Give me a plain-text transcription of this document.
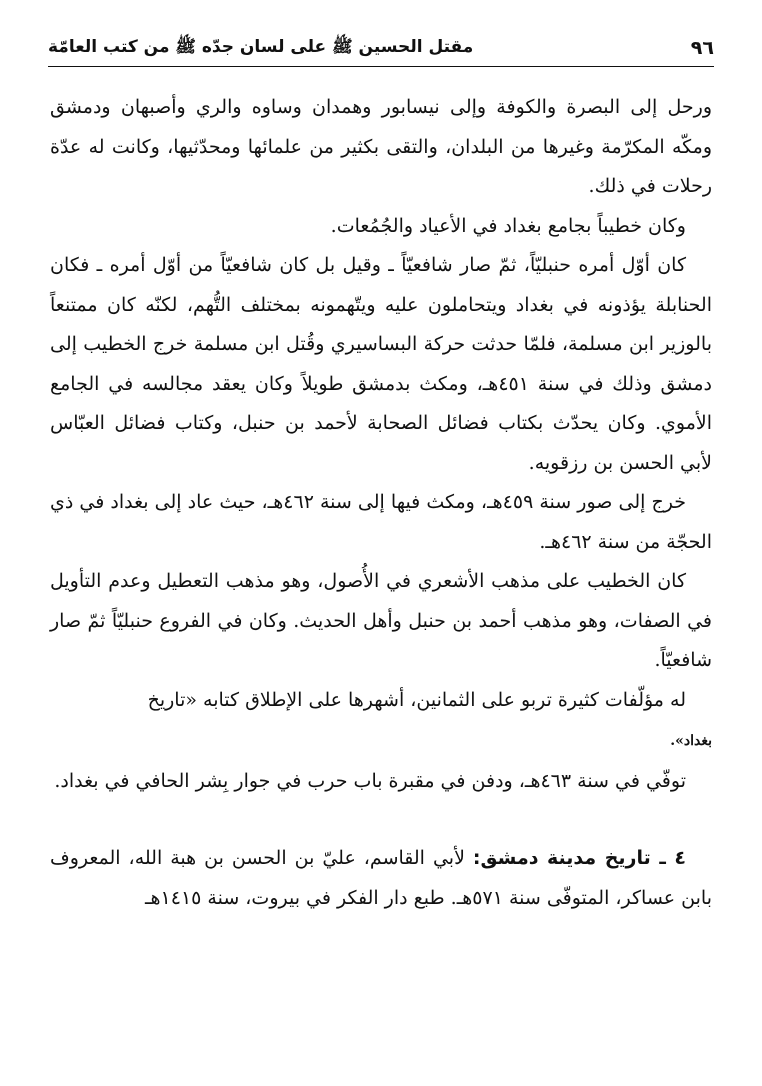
٩٦
مقتل الحسين ﷺ على لسان جدّه ﷺ من كتب العامّة

ورحل إلى البصرة والكوفة وإلى نيسابور وهمدان وساوه والري وأصبهان ودمشق ومكّه المكرّمة وغيرها من البلدان، والتقى بكثير من علمائها ومحدّثيها، وكانت له عدّة رحلات في ذلك.

وكان خطيباً بجامع بغداد في الأعياد والجُمُعات.

كان أوّل أمره حنبليّاً، ثمّ صار شافعيّاً ـ وقيل بل كان شافعيّاً من أوّل أمره ـ فكان الحنابلة يؤذونه في بغداد ويتحاملون عليه ويتّهمونه بمختلف التُّهم، لكنّه كان ممتنعاً بالوزير ابن مسلمة، فلمّا حدثت حركة البساسيري وقُتل ابن مسلمة خرج الخطيب إلى دمشق وذلك في سنة ٤٥١هـ، ومكث بدمشق طويلاً وكان يعقد مجالسه في الجامع الأموي. وكان يحدّث بكتاب فضائل الصحابة لأحمد بن حنبل، وكتاب فضائل العبّاس لأبي الحسن بن رزقويه.

خرج إلى صور سنة ٤٥٩هـ، ومكث فيها إلى سنة ٤٦٢هـ، حيث عاد إلى بغداد في ذي الحجّة من سنة ٤٦٢هـ.

كان الخطيب على مذهب الأشعري في الأُصول، وهو مذهب التعطيل وعدم التأويل في الصفات، وهو مذهب أحمد بن حنبل وأهل الحديث. وكان في الفروع حنبليّاً ثمّ صار شافعيّاً.

له مؤلّفات كثيرة تربو على الثمانين، أشهرها على الإطلاق كتابه «تاريخ
بغداد».

توفّي في سنة ٤٦٣هـ، ودفن في مقبرة باب حرب في جوار بِشر الحافي في بغداد.

٤ ـ تاريخ مدينة دمشق: لأبي القاسم، عليّ بن الحسن بن هبة الله، المعروف بابن عساكر، المتوفّى سنة ٥٧١هـ. طبع دار الفكر في بيروت، سنة ١٤١٥هـ
